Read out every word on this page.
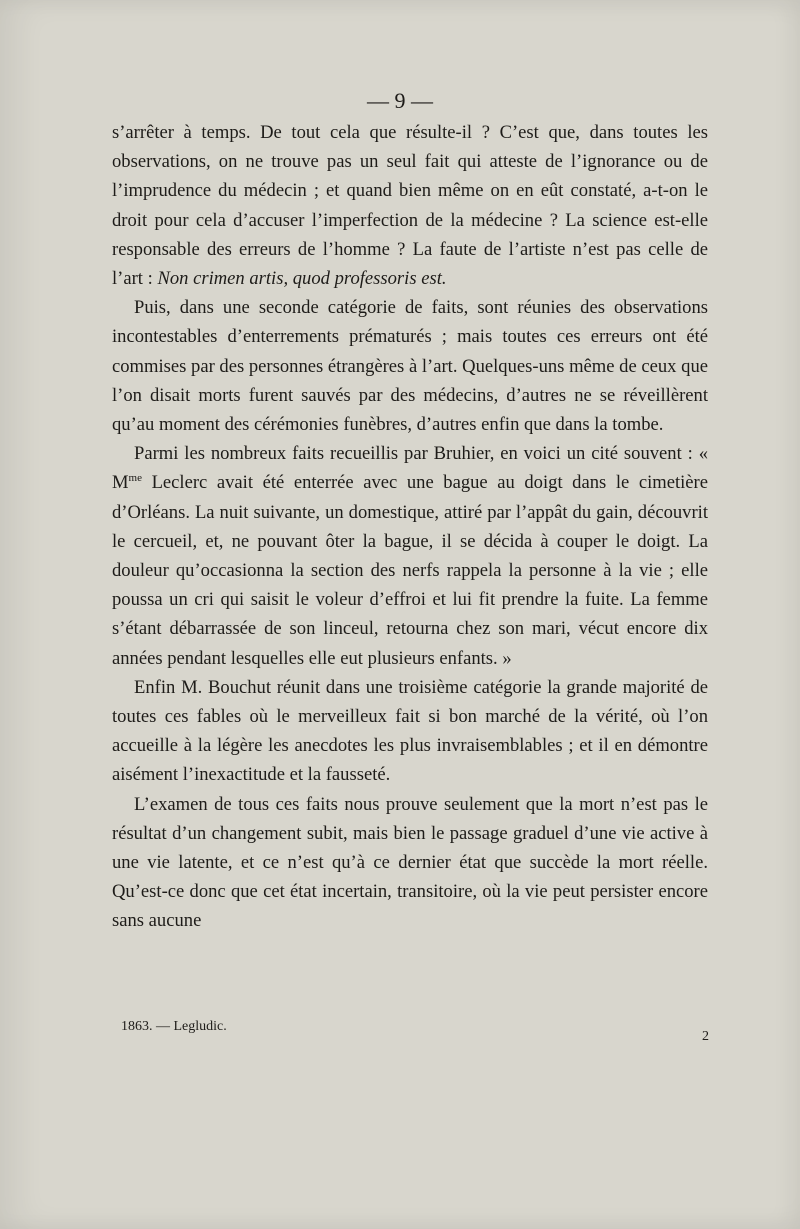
— 9 —

s’arrêter à temps. De tout cela que résulte-il ? C’est que, dans toutes les observations, on ne trouve pas un seul fait qui atteste de l’ignorance ou de l’imprudence du médecin ; et quand bien même on en eût constaté, a-t-on le droit pour cela d’accuser l’imperfection de la médecine ? La science est-elle responsable des erreurs de l’homme ? La faute de l’artiste n’est pas celle de l’art : Non crimen artis, quod professoris est.

Puis, dans une seconde catégorie de faits, sont réunies des observations incontestables d’enterrements prématurés ; mais toutes ces erreurs ont été commises par des personnes étrangères à l’art. Quelques-uns même de ceux que l’on disait morts furent sauvés par des médecins, d’autres ne se réveillèrent qu’au moment des cérémonies funèbres, d’autres enfin que dans la tombe.

Parmi les nombreux faits recueillis par Bruhier, en voici un cité souvent : « $M^{me}$ Leclerc avait été enterrée avec une bague au doigt dans le cimetière d’Orléans. La nuit suivante, un domestique, attiré par l’appât du gain, découvrit le cercueil, et, ne pouvant ôter la bague, il se décida à couper le doigt. La douleur qu’occasionna la section des nerfs rappela la personne à la vie ; elle poussa un cri qui saisit le voleur d’effroi et lui fit prendre la fuite. La femme s’étant débarrassée de son linceul, retourna chez son mari, vécut encore dix années pendant lesquelles elle eut plusieurs enfants. »

Enfin M. Bouchut réunit dans une troisième catégorie la grande majorité de toutes ces fables où le merveilleux fait si bon marché de la vérité, où l’on accueille à la légère les anecdotes les plus invraisemblables ; et il en démontre aisément l’inexactitude et la fausseté.

L’examen de tous ces faits nous prouve seulement que la mort n’est pas le résultat d’un changement subit, mais bien le passage graduel d’une vie active à une vie latente, et ce n’est qu’à ce dernier état que succède la mort réelle. Qu’est-ce donc que cet état incertain, transitoire, où la vie peut persister encore sans aucune

1863. — Legludic.
2
